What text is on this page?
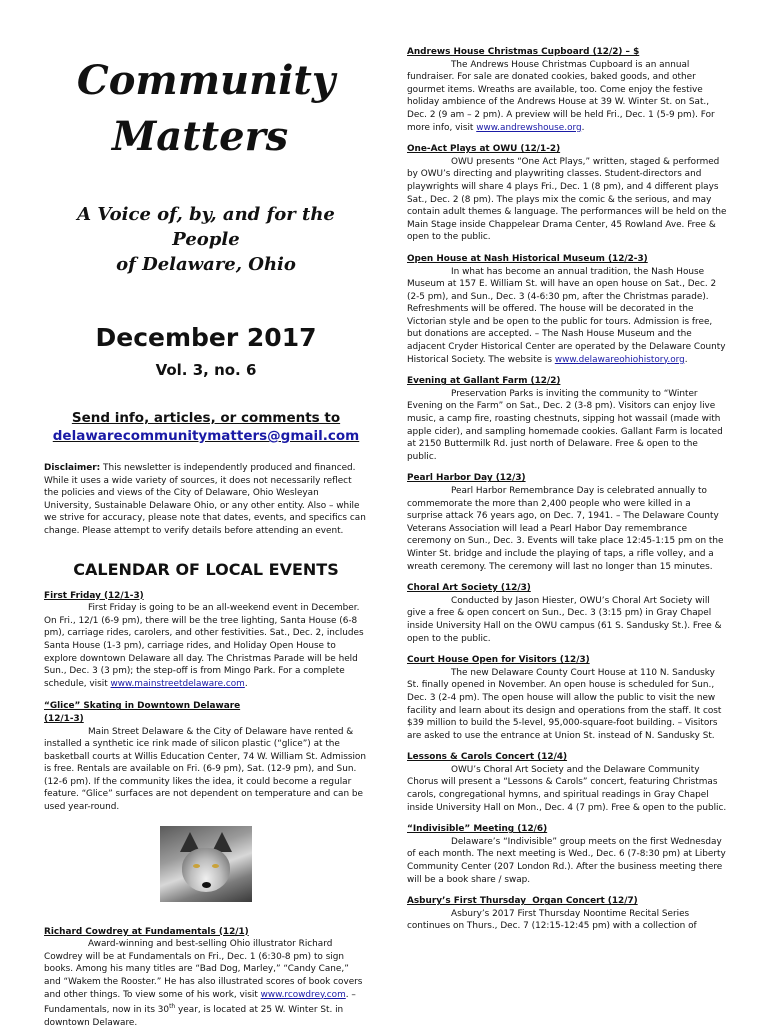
Community
Matters
A Voice of, by, and for the People
of Delaware, Ohio
December 2017
Vol. 3, no. 6
Send info, articles, or comments to
delawarecommunitymatters@gmail.com

Disclaimer: This newsletter is independently produced and financed. While it uses a wide variety of sources, it does not necessarily reflect the policies and views of the City of Delaware, Ohio Wesleyan University, Sustainable Delaware Ohio, or any other entity. Also – while we strive for accuracy, please note that dates, events, and specifics can change. Please attempt to verify details before attending an event.

CALENDAR OF LOCAL EVENTS
First Friday (12/1-3)

First Friday is going to be an all-weekend event in December. On Fri., 12/1 (6-9 pm), there will be the tree lighting, Santa House (6-8 pm), carriage rides, carolers, and other festivities. Sat., Dec. 2, includes Santa House (1-3 pm), carriage rides, and Holiday Open House to explore downtown Delaware all day. The Christmas Parade will be held Sun., Dec. 3 (3 pm); the step-off is from Mingo Park. For a complete schedule, visit www.mainstreetdelaware.com.

“Glice” Skating in Downtown Delaware
(12/1-3)

Main Street Delaware & the City of Delaware have rented & installed a synthetic ice rink made of silicon plastic (“glice”) at the basketball courts at Willis Education Center, 74 W. William St. Admission is free. Rentals are available on Fri. (6-9 pm), Sat. (12-9 pm), and Sun. (12-6 pm). If the community likes the idea, it could become a regular feature. “Glice” surfaces are not dependent on temperature and can be used year-round.

Richard Cowdrey at Fundamentals (12/1)

Award-winning and best-selling Ohio illustrator Richard Cowdrey will be at Fundamentals on Fri., Dec. 1 (6:30-8 pm) to sign books. Among his many titles are “Bad Dog, Marley,” “Candy Cane,” and “Wakem the Rooster.” He has also illustrated scores of book covers and other things. To view some of his work, visit www.rcowdrey.com. – Fundamentals, now in its 30th year, is located at 25 W. Winter St. in downtown Delaware.

Andrews House Christmas Cupboard (12/2) – $

The Andrews House Christmas Cupboard is an annual fundraiser. For sale are donated cookies, baked goods, and other gourmet items. Wreaths are available, too. Come enjoy the festive holiday ambience of the Andrews House at 39 W. Winter St. on Sat., Dec. 2 (9 am – 2 pm). A preview will be held Fri., Dec. 1 (5-9 pm). For more info, visit www.andrewshouse.org.

One-Act Plays at OWU (12/1-2)

OWU presents “One Act Plays,” written, staged & performed by OWU’s directing and playwriting classes. Student-directors and playwrights will share 4 plays Fri., Dec. 1 (8 pm), and 4 different plays Sat., Dec. 2 (8 pm). The plays mix the comic & the serious, and may contain adult themes & language. The performances will be held on the Main Stage inside Chappelear Drama Center, 45 Rowland Ave. Free & open to the public.

Open House at Nash Historical Museum (12/2-3)

In what has become an annual tradition, the Nash House Museum at 157 E. William St. will have an open house on Sat., Dec. 2 (2-5 pm), and Sun., Dec. 3 (4-6:30 pm, after the Christmas parade). Refreshments will be offered. The house will be decorated in the Victorian style and be open to the public for tours. Admission is free, but donations are accepted. – The Nash House Museum and the adjacent Cryder Historical Center are operated by the Delaware County Historical Society. The website is www.delawareohiohistory.org.

Evening at Gallant Farm (12/2)

Preservation Parks is inviting the community to “Winter Evening on the Farm” on Sat., Dec. 2 (3-8 pm). Visitors can enjoy live music, a camp fire, roasting chestnuts, sipping hot wassail (made with apple cider), and sampling homemade cookies. Gallant Farm is located at 2150 Buttermilk Rd. just north of Delaware. Free & open to the public.

Pearl Harbor Day (12/3)

Pearl Harbor Remembrance Day is celebrated annually to commemorate the more than 2,400 people who were killed in a surprise attack 76 years ago, on Dec. 7, 1941. – The Delaware County Veterans Association will lead a Pearl Habor Day remembrance ceremony on Sun., Dec. 3. Events will take place 12:45-1:15 pm on the Winter St. bridge and include the playing of taps, a rifle volley, and a wreath ceremony. The ceremony will last no longer than 15 minutes.

Choral Art Society (12/3)

Conducted by Jason Hiester, OWU’s Choral Art Society will give a free & open concert on Sun., Dec. 3 (3:15 pm) in Gray Chapel inside University Hall on the OWU campus (61 S. Sandusky St.). Free & open to the public.

Court House Open for Visitors (12/3)

The new Delaware County Court House at 110 N. Sandusky St. finally opened in November. An open house is scheduled for Sun., Dec. 3 (2-4 pm). The open house will allow the public to visit the new facility and learn about its design and operations from the staff. It cost $39 million to build the 5-level, 95,000-square-foot building. – Visitors are asked to use the entrance at Union St. instead of N. Sandusky St.

Lessons & Carols Concert (12/4)

OWU’s Choral Art Society and the Delaware Community Chorus will present a “Lessons & Carols” concert, featuring Christmas carols, congregational hymns, and spiritual readings in Gray Chapel inside University Hall on Mon., Dec. 4 (7 pm). Free & open to the public.

“Indivisible” Meeting (12/6)

Delaware’s “Indivisible” group meets on the first Wednesday of each month. The next meeting is Wed., Dec. 6 (7-8:30 pm) at Liberty Community Center (207 London Rd.). After the business meeting there will be a book share / swap.

Asbury’s First Thursday  Organ Concert (12/7)

Asbury’s 2017 First Thursday Noontime Recital Series continues on Thurs., Dec. 7 (12:15-12:45 pm) with a collection of
